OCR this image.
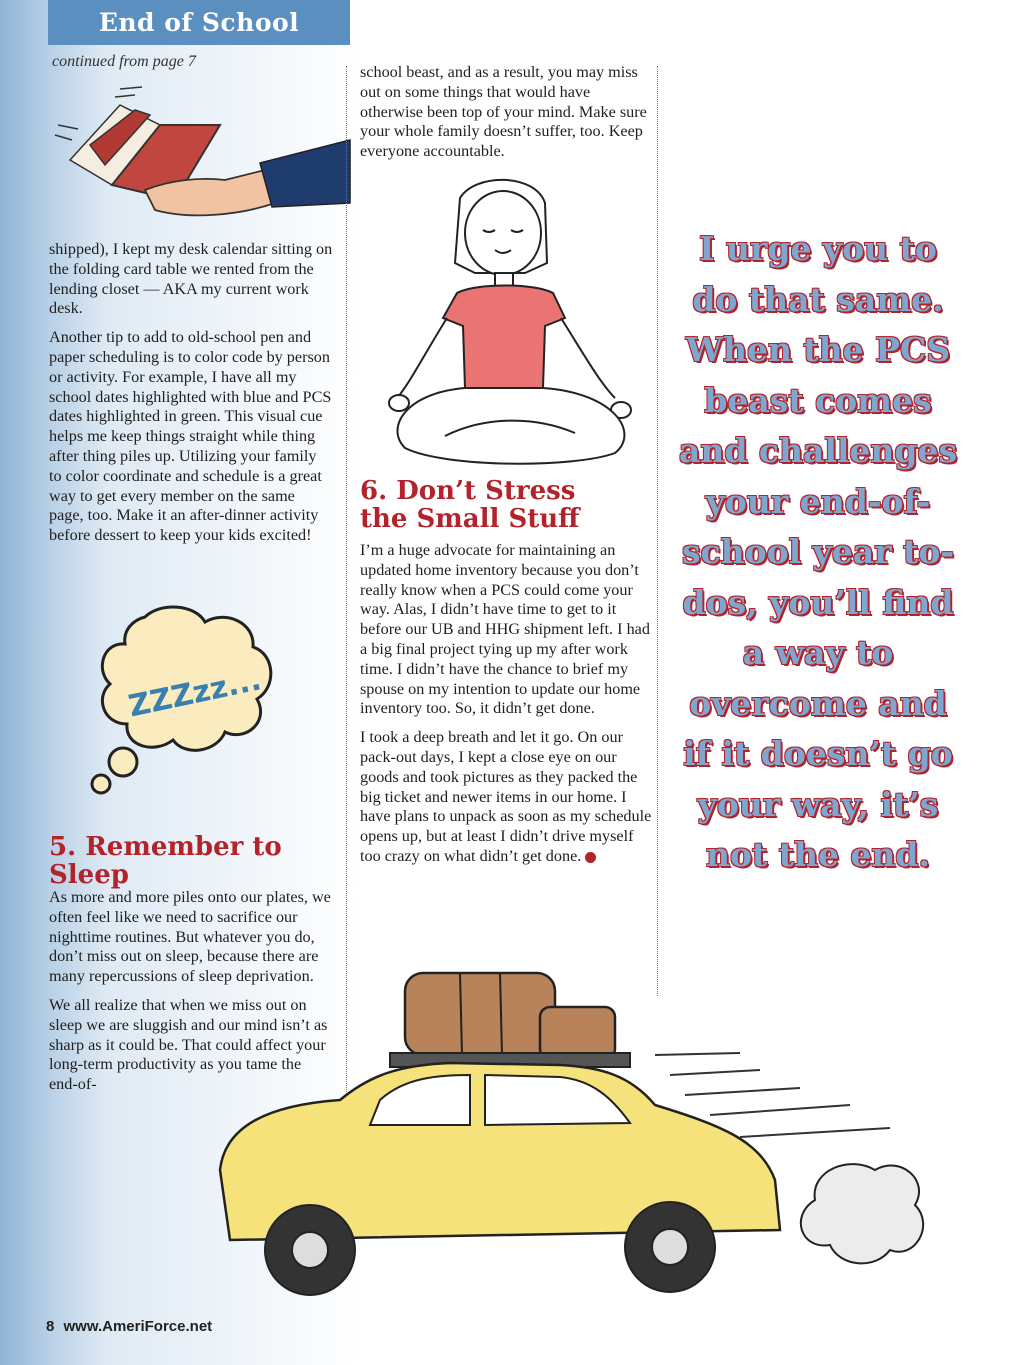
End of School
continued from page 7

shipped), I kept my desk calendar sitting on the folding card table we rented from the lending closet — AKA my current work desk.

Another tip to add to old-school pen and paper scheduling is to color code by person or activity. For example, I have all my school dates highlighted with blue and PCS dates highlighted in green. This visual cue helps me keep things straight while thing after thing piles up. Utilizing your family to color coordinate and schedule is a great way to get every member on the same page, too. Make it an after-dinner activity before dessert to keep your kids excited!

ZZZzz...
5. Remember to Sleep

As more and more piles onto our plates, we often feel like we need to sacrifice our nighttime routines. But whatever you do, don’t miss out on sleep, because there are many repercussions of sleep deprivation.

We all realize that when we miss out on sleep we are sluggish and our mind isn’t as sharp as it could be. That could affect your long-term productivity as you tame the end-of-

school beast, and as a result, you may miss out on some things that would have otherwise been top of your mind. Make sure your whole family doesn’t suffer, too. Keep everyone accountable.

6. Don’t Stress the Small Stuff

I’m a huge advocate for maintaining an updated home inventory because you don’t really know when a PCS could come your way. Alas, I didn’t have time to get to it before our UB and HHG shipment left. I had a big final project tying up my after work time. I didn’t have the chance to brief my spouse on my intention to update our home inventory too. So, it didn’t get done.

I took a deep breath and let it go. On our pack-out days, I kept a close eye on our goods and took pictures as they packed the big ticket and newer items in our home. I have plans to unpack as soon as my schedule opens up, but at least I didn’t drive myself too crazy on what didn’t get done.

I urge you to do that same. When the PCS beast comes and challenges your end-of-school year to-dos, you’ll find a way to overcome and if it doesn’t go your way, it’s not the end.
8 www.AmeriForce.net
